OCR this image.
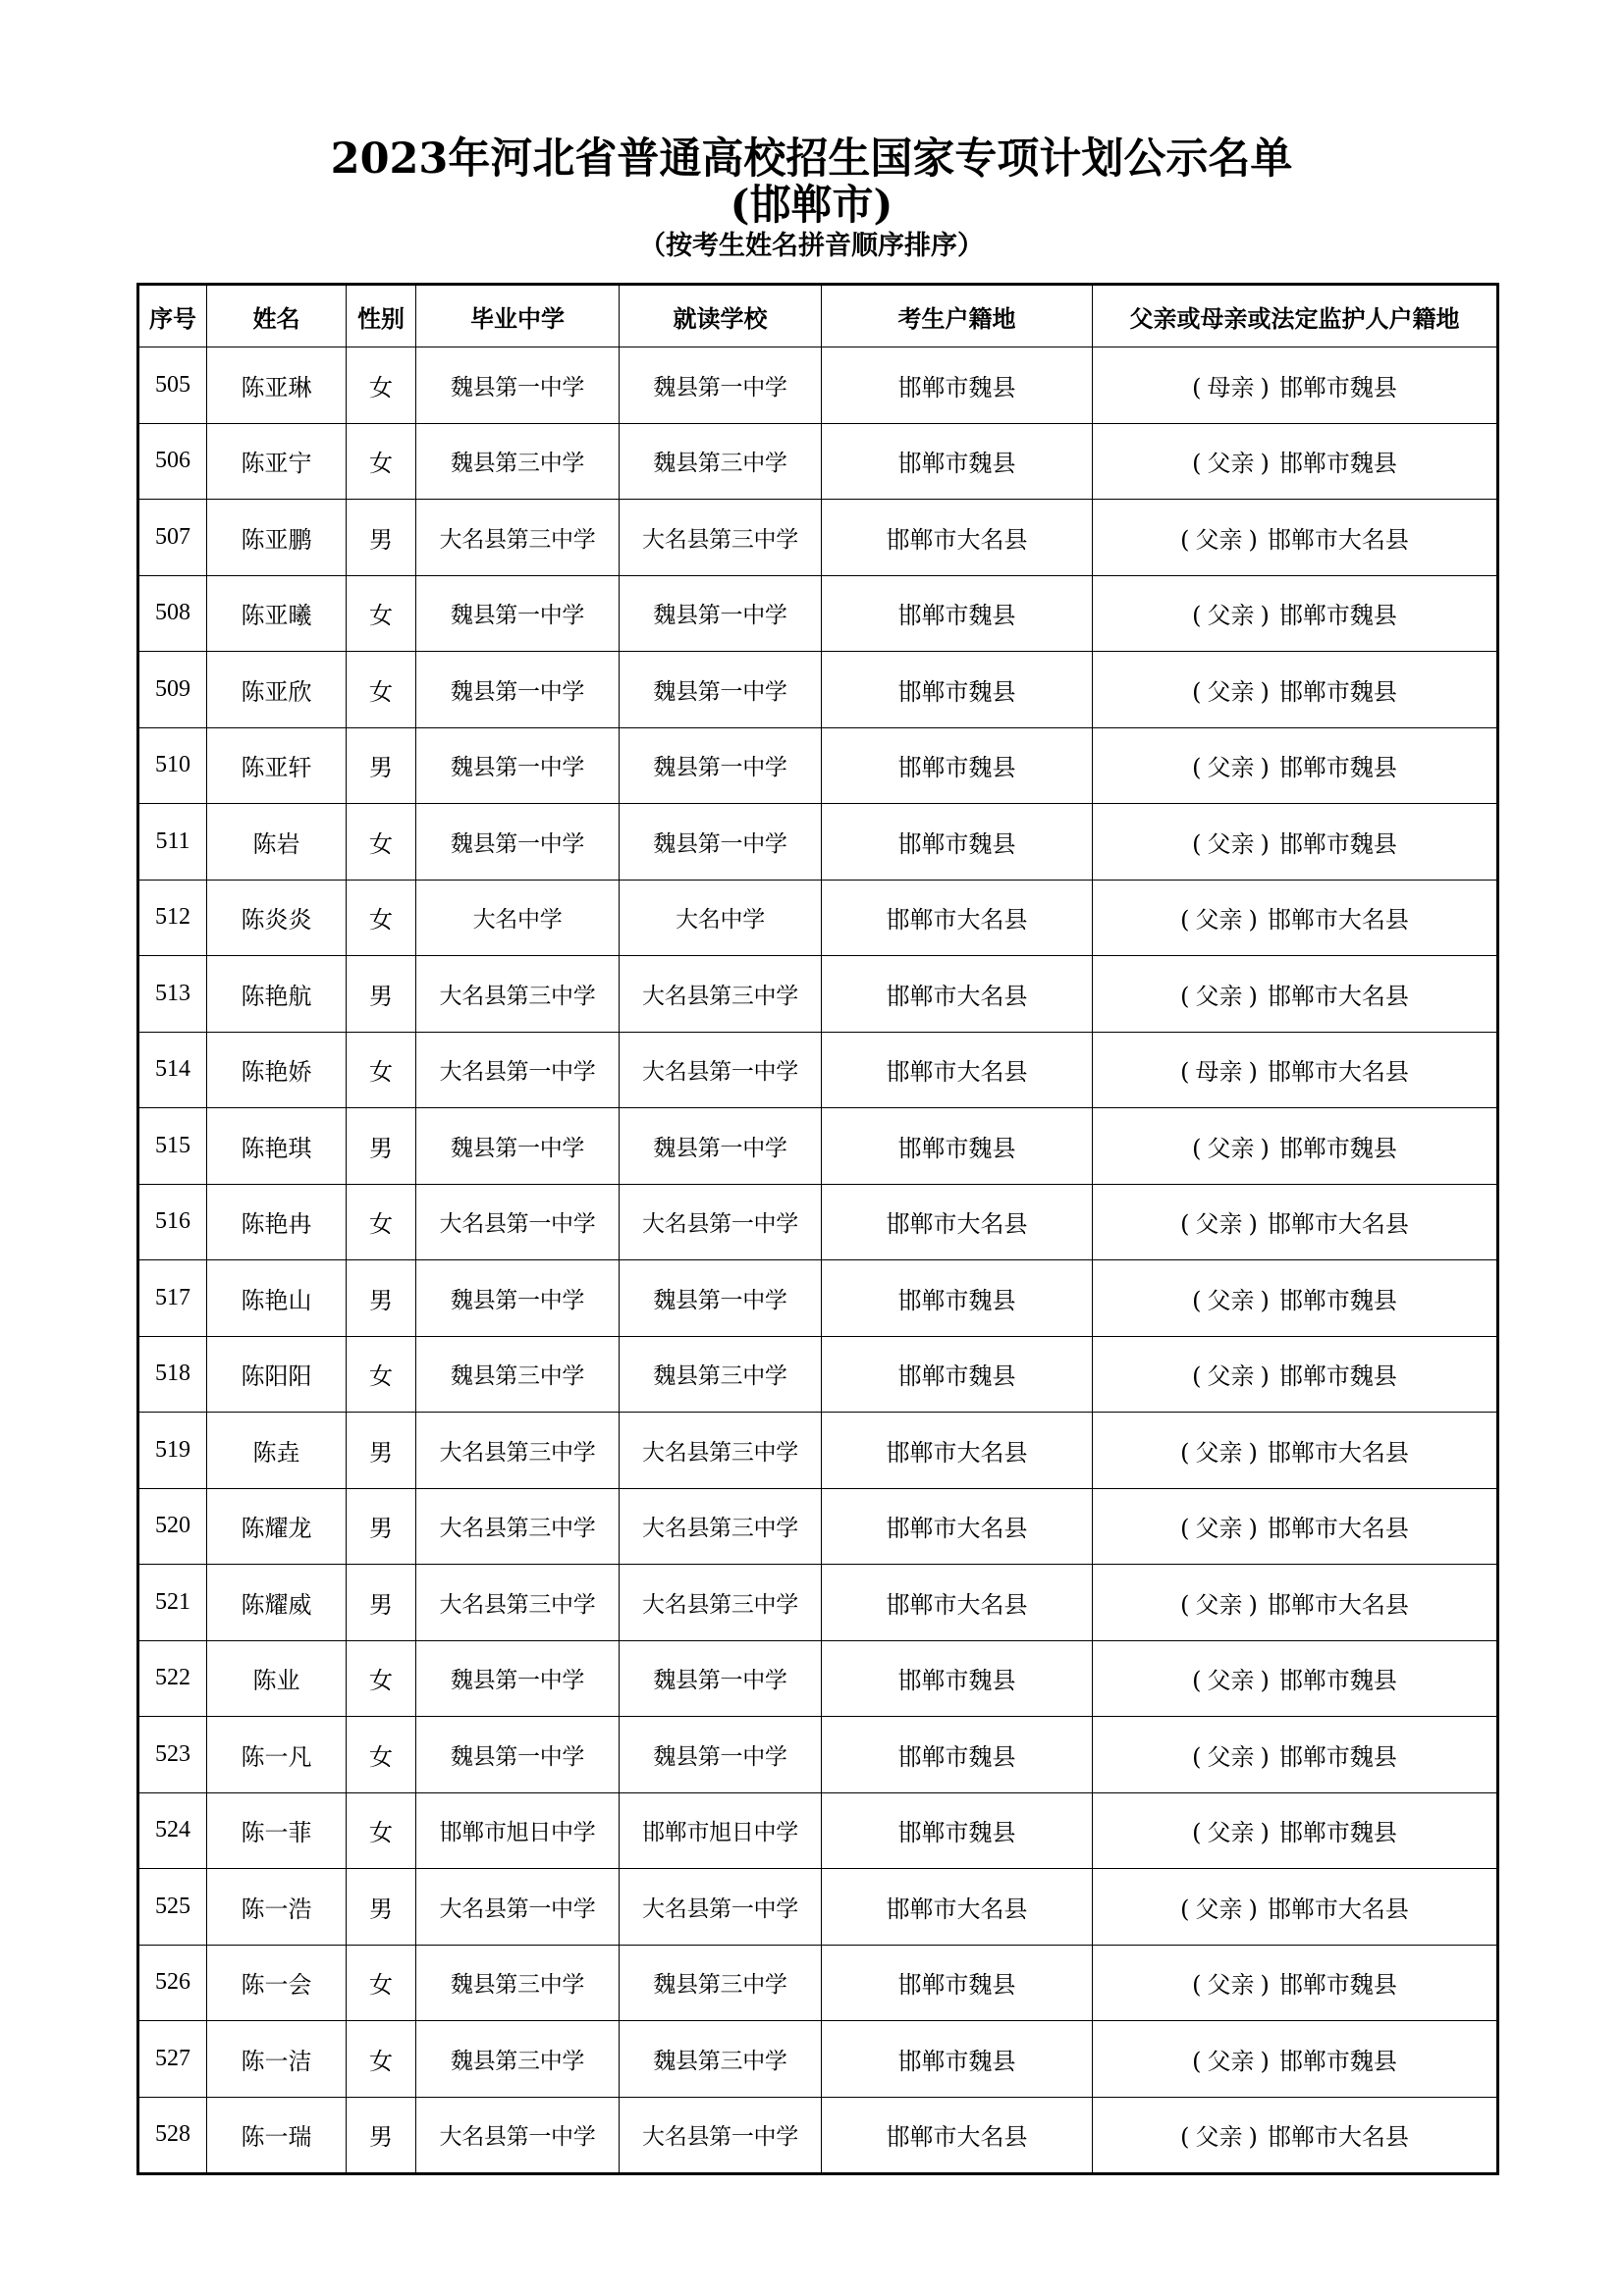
2023年河北省普通高校招生国家专项计划公示名单
(邯郸市)
（按考生姓名拼音顺序排序）
序号	姓名	性别	毕业中学	就读学校	考生户籍地	父亲或母亲或法定监护人户籍地
505	陈亚琳	女	魏县第一中学	魏县第一中学	邯郸市魏县	( 母亲 ) 邯郸市魏县
506	陈亚宁	女	魏县第三中学	魏县第三中学	邯郸市魏县	( 父亲 ) 邯郸市魏县
507	陈亚鹏	男	大名县第三中学	大名县第三中学	邯郸市大名县	( 父亲 ) 邯郸市大名县
508	陈亚曦	女	魏县第一中学	魏县第一中学	邯郸市魏县	( 父亲 ) 邯郸市魏县
509	陈亚欣	女	魏县第一中学	魏县第一中学	邯郸市魏县	( 父亲 ) 邯郸市魏县
510	陈亚轩	男	魏县第一中学	魏县第一中学	邯郸市魏县	( 父亲 ) 邯郸市魏县
511	陈岩	女	魏县第一中学	魏县第一中学	邯郸市魏县	( 父亲 ) 邯郸市魏县
512	陈炎炎	女	大名中学	大名中学	邯郸市大名县	( 父亲 ) 邯郸市大名县
513	陈艳航	男	大名县第三中学	大名县第三中学	邯郸市大名县	( 父亲 ) 邯郸市大名县
514	陈艳娇	女	大名县第一中学	大名县第一中学	邯郸市大名县	( 母亲 ) 邯郸市大名县
515	陈艳琪	男	魏县第一中学	魏县第一中学	邯郸市魏县	( 父亲 ) 邯郸市魏县
516	陈艳冉	女	大名县第一中学	大名县第一中学	邯郸市大名县	( 父亲 ) 邯郸市大名县
517	陈艳山	男	魏县第一中学	魏县第一中学	邯郸市魏县	( 父亲 ) 邯郸市魏县
518	陈阳阳	女	魏县第三中学	魏县第三中学	邯郸市魏县	( 父亲 ) 邯郸市魏县
519	陈垚	男	大名县第三中学	大名县第三中学	邯郸市大名县	( 父亲 ) 邯郸市大名县
520	陈耀龙	男	大名县第三中学	大名县第三中学	邯郸市大名县	( 父亲 ) 邯郸市大名县
521	陈耀威	男	大名县第三中学	大名县第三中学	邯郸市大名县	( 父亲 ) 邯郸市大名县
522	陈业	女	魏县第一中学	魏县第一中学	邯郸市魏县	( 父亲 ) 邯郸市魏县
523	陈一凡	女	魏县第一中学	魏县第一中学	邯郸市魏县	( 父亲 ) 邯郸市魏县
524	陈一菲	女	邯郸市旭日中学	邯郸市旭日中学	邯郸市魏县	( 父亲 ) 邯郸市魏县
525	陈一浩	男	大名县第一中学	大名县第一中学	邯郸市大名县	( 父亲 ) 邯郸市大名县
526	陈一会	女	魏县第三中学	魏县第三中学	邯郸市魏县	( 父亲 ) 邯郸市魏县
527	陈一洁	女	魏县第三中学	魏县第三中学	邯郸市魏县	( 父亲 ) 邯郸市魏县
528	陈一瑞	男	大名县第一中学	大名县第一中学	邯郸市大名县	( 父亲 ) 邯郸市大名县
